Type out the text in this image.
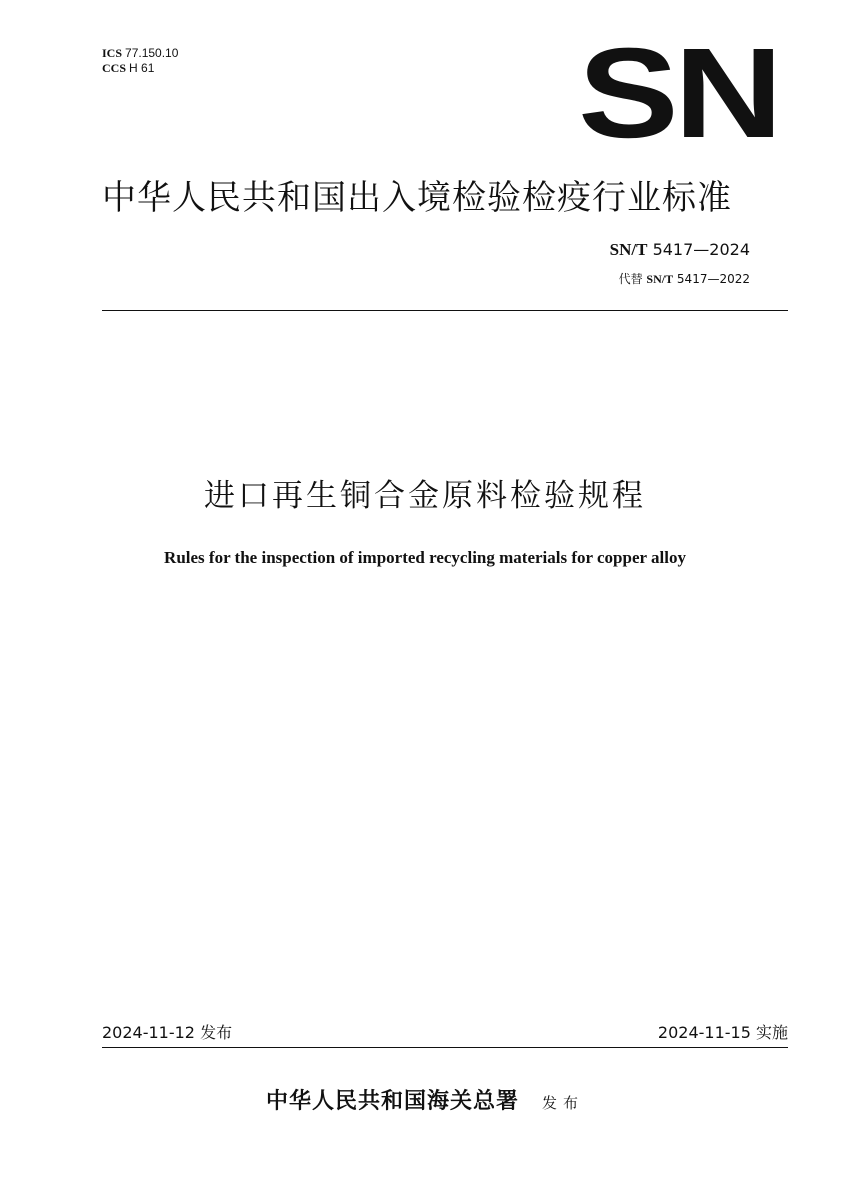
ICS 77.150.10
CCS H 61	SN
中华人民共和国出入境检验检疫行业标准
SN/T 5417—2024
代替 SN/T 5417—2022
进口再生铜合金原料检验规程
Rules for the inspection of imported recycling materials for copper alloy
2024-11-12 发布	2024-11-15 实施
中华人民共和国海关总署 发布
